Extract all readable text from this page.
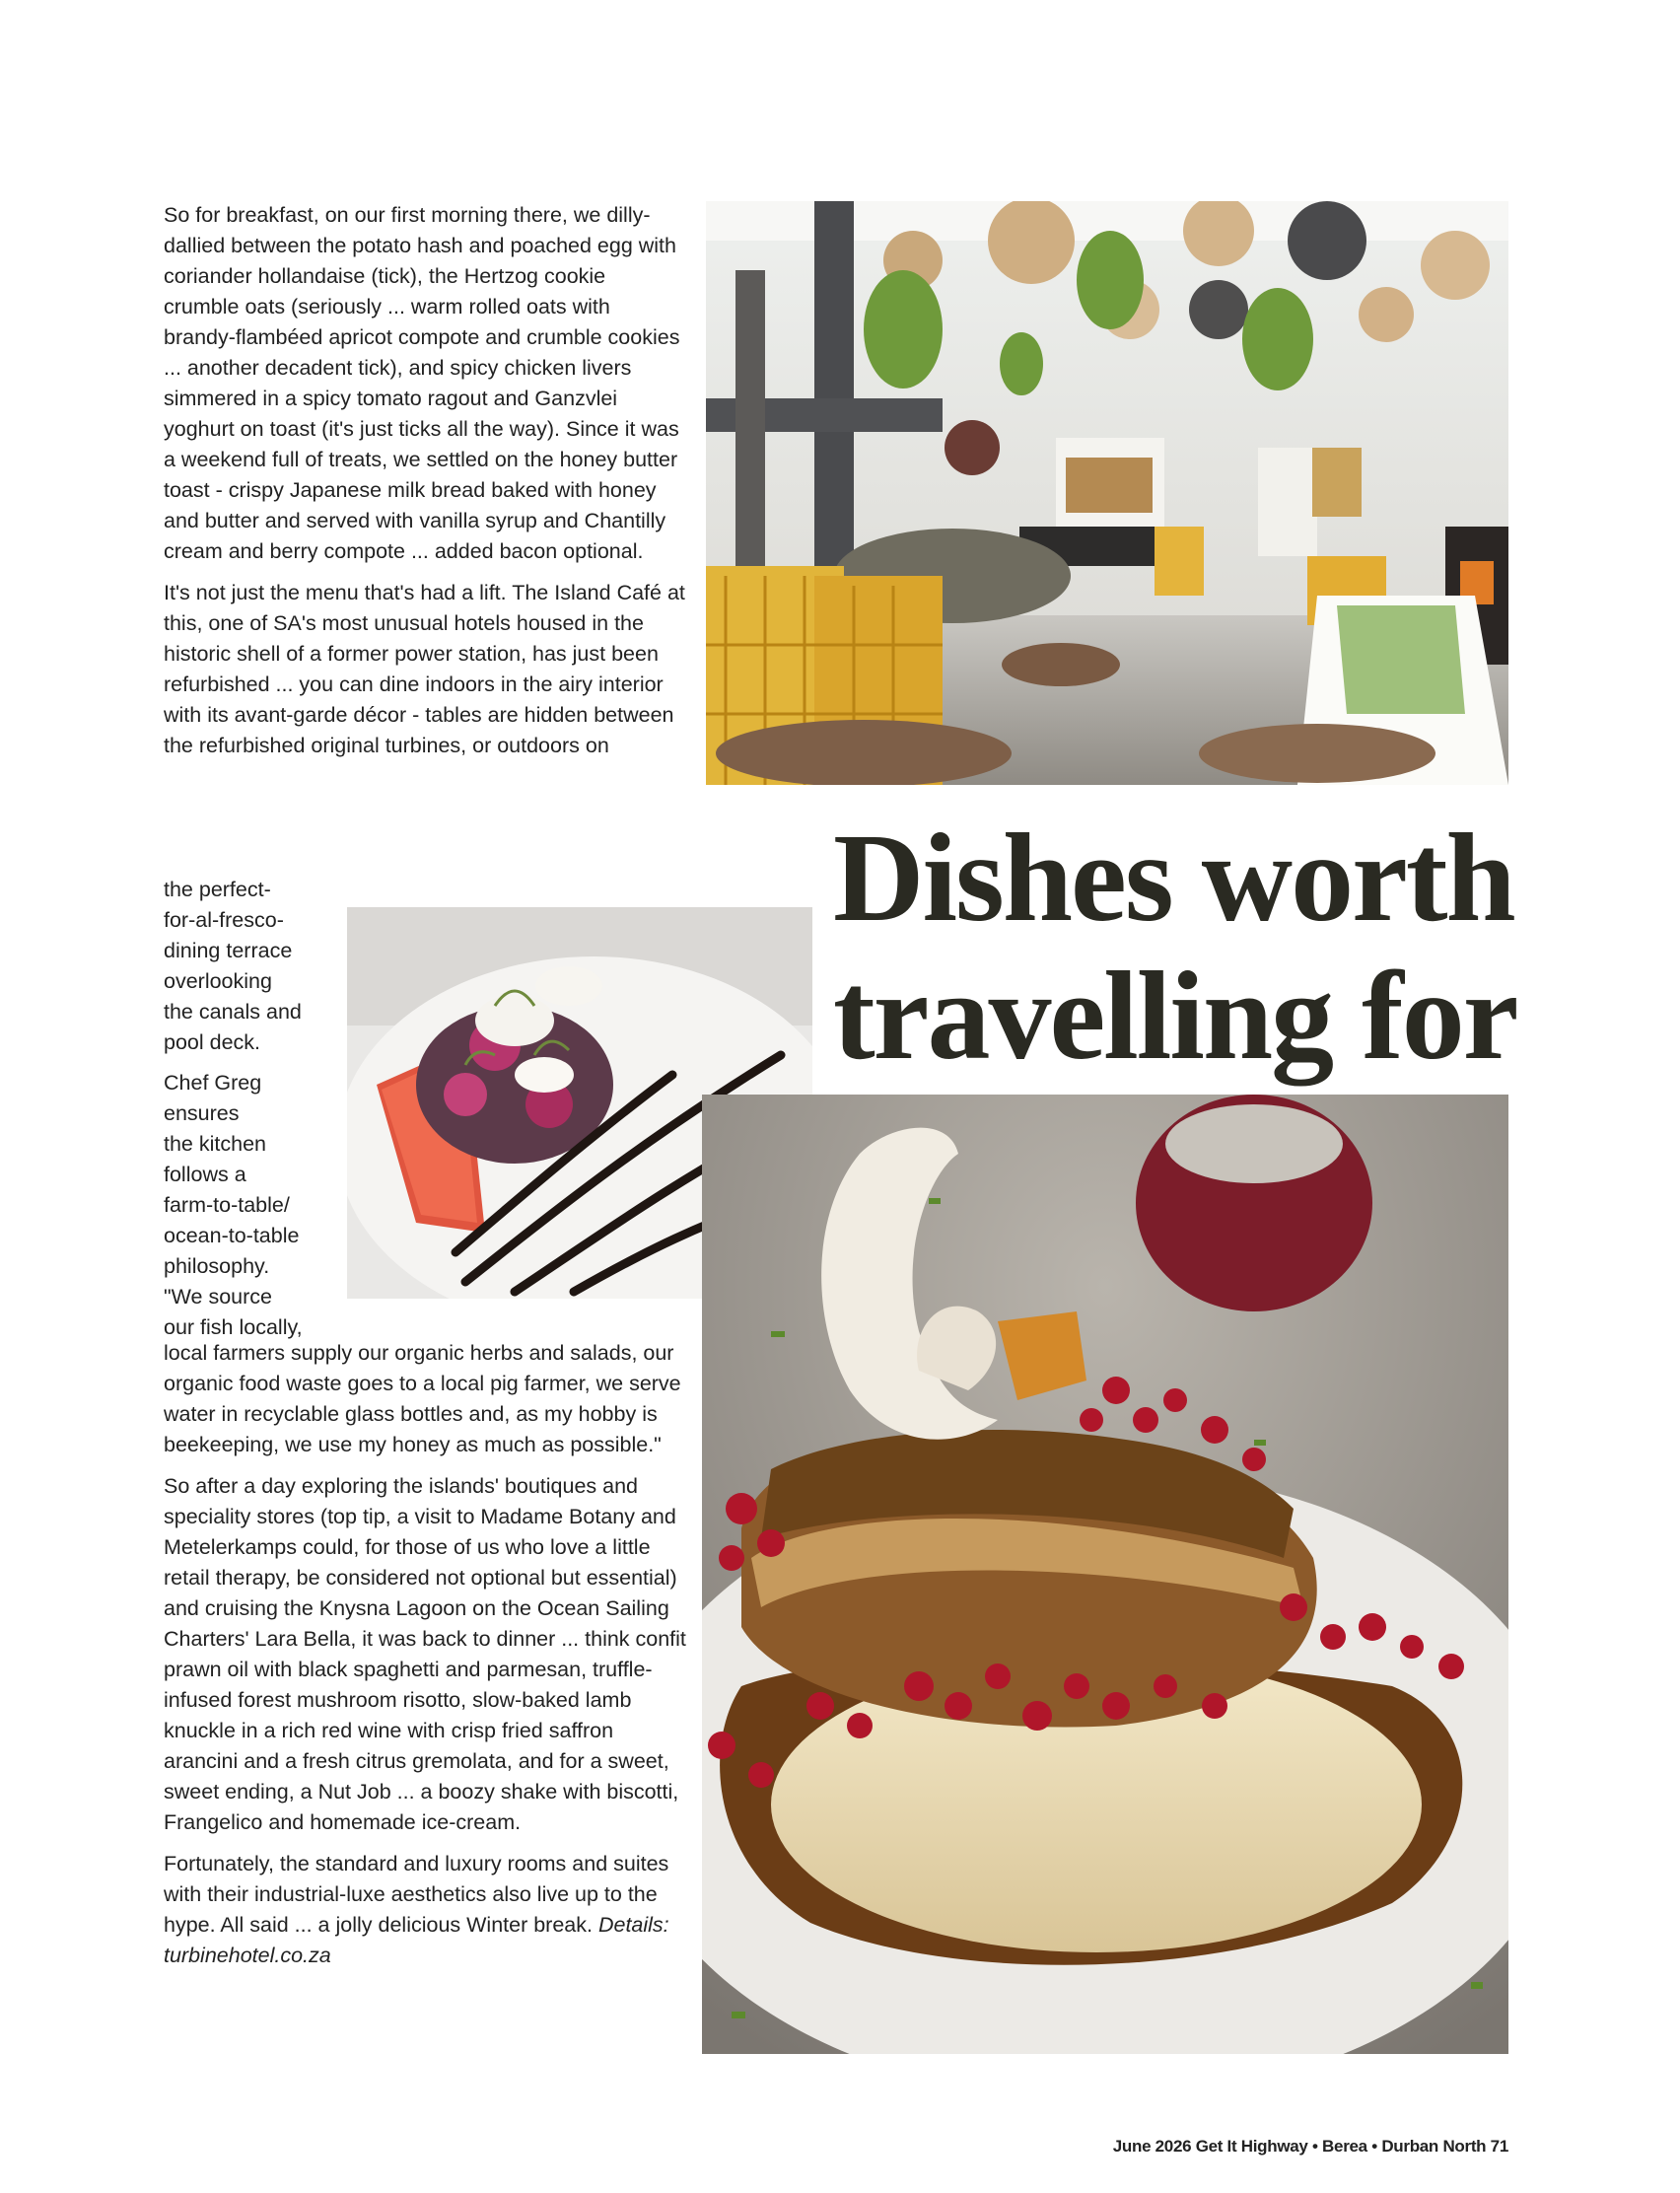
So for breakfast, on our first morning there, we dilly-dallied between the potato hash and poached egg with coriander hollandaise (tick), the Hertzog cookie crumble oats (seriously ... warm rolled oats with brandy-flambéed apricot compote and crumble cookies ... another decadent tick), and spicy chicken livers simmered in a spicy tomato ragout and Ganzvlei yoghurt on toast (it's just ticks all the way). Since it was a weekend full of treats, we settled on the honey butter toast - crispy Japanese milk bread baked with honey and butter and served with vanilla syrup and Chantilly cream and berry compote ... added bacon optional.

It's not just the menu that's had a lift. The Island Café at this, one of SA's most unusual hotels housed in the historic shell of a former power station, has just been refurbished ... you can dine indoors in the airy interior with its avant-garde décor - tables are hidden between the refurbished original turbines, or outdoors on

the perfect-
for-al-fresco-
dining terrace
overlooking
the canals and
pool deck.
Chef Greg
ensures
the kitchen
follows a
farm-to-table/
ocean-to-table
philosophy.
"We source
our fish locally,

local farmers supply our organic herbs and salads, our organic food waste goes to a local pig farmer, we serve water in recyclable glass bottles and, as my hobby is beekeeping, we use my honey as much as possible."

So after a day exploring the islands' boutiques and speciality stores (top tip, a visit to Madame Botany and Metelerkamps could, for those of us who love a little retail therapy, be considered not optional but essential) and cruising the Knysna Lagoon on the Ocean Sailing Charters' Lara Bella, it was back to dinner ... think confit prawn oil with black spaghetti and parmesan, truffle-infused forest mushroom risotto, slow-baked lamb knuckle in a rich red wine with crisp fried saffron arancini and a fresh citrus gremolata, and for a sweet, sweet ending, a Nut Job ... a boozy shake with biscotti, Frangelico and homemade ice-cream.

Fortunately, the standard and luxury rooms and suites with their industrial-luxe aesthetics also live up to the hype. All said ... a jolly delicious Winter break. Details: turbinehotel.co.za

Dishes worth
travelling for
June 2026 Get It Highway • Berea • Durban North 71
